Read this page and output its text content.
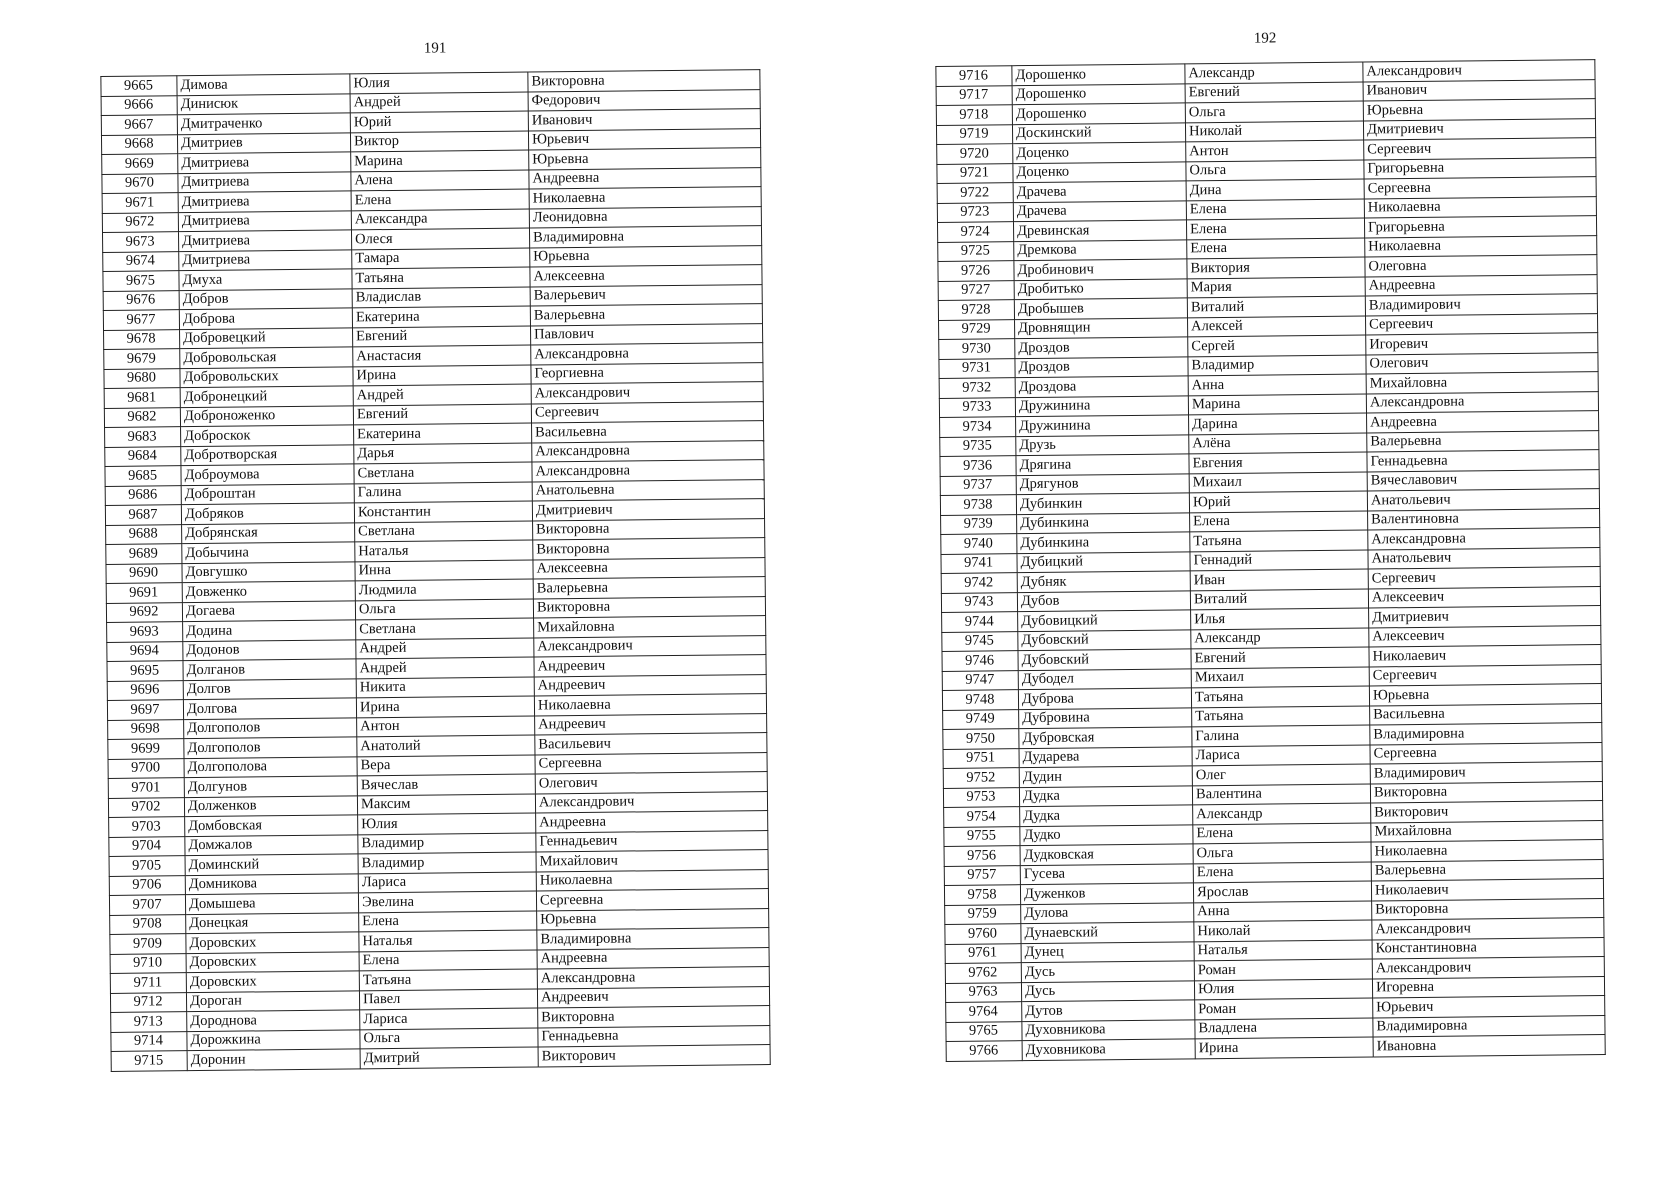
191
9665	Димова	Юлия	Викторовна
9666	Динисюк	Андрей	Федорович
9667	Дмитраченко	Юрий	Иванович
9668	Дмитриев	Виктор	Юрьевич
9669	Дмитриева	Марина	Юрьевна
9670	Дмитриева	Алена	Андреевна
9671	Дмитриева	Елена	Николаевна
9672	Дмитриева	Александра	Леонидовна
9673	Дмитриева	Олеся	Владимировна
9674	Дмитриева	Тамара	Юрьевна
9675	Дмуха	Татьяна	Алексеевна
9676	Добров	Владислав	Валерьевич
9677	Доброва	Екатерина	Валерьевна
9678	Добровецкий	Евгений	Павлович
9679	Добровольская	Анастасия	Александровна
9680	Добровольских	Ирина	Георгиевна
9681	Добронецкий	Андрей	Александрович
9682	Доброноженко	Евгений	Сергеевич
9683	Доброскок	Екатерина	Васильевна
9684	Добротворская	Дарья	Александровна
9685	Доброумова	Светлана	Александровна
9686	Доброштан	Галина	Анатольевна
9687	Добряков	Константин	Дмитриевич
9688	Добрянская	Светлана	Викторовна
9689	Добычина	Наталья	Викторовна
9690	Довгушко	Инна	Алексеевна
9691	Довженко	Людмила	Валерьевна
9692	Догаева	Ольга	Викторовна
9693	Додина	Светлана	Михайловна
9694	Додонов	Андрей	Александрович
9695	Долганов	Андрей	Андреевич
9696	Долгов	Никита	Андреевич
9697	Долгова	Ирина	Николаевна
9698	Долгополов	Антон	Андреевич
9699	Долгополов	Анатолий	Васильевич
9700	Долгополова	Вера	Сергеевна
9701	Долгунов	Вячеслав	Олегович
9702	Долженков	Максим	Александрович
9703	Домбовская	Юлия	Андреевна
9704	Домжалов	Владимир	Геннадьевич
9705	Доминский	Владимир	Михайлович
9706	Домникова	Лариса	Николаевна
9707	Домышева	Эвелина	Сергеевна
9708	Донецкая	Елена	Юрьевна
9709	Доровских	Наталья	Владимировна
9710	Доровских	Елена	Андреевна
9711	Доровских	Татьяна	Александровна
9712	Дороган	Павел	Андреевич
9713	Дороднова	Лариса	Викторовна
9714	Дорожкина	Ольга	Геннадьевна
9715	Доронин	Дмитрий	Викторович
192
9716	Дорошенко	Александр	Александрович
9717	Дорошенко	Евгений	Иванович
9718	Дорошенко	Ольга	Юрьевна
9719	Доскинский	Николай	Дмитриевич
9720	Доценко	Антон	Сергеевич
9721	Доценко	Ольга	Григорьевна
9722	Драчева	Дина	Сергеевна
9723	Драчева	Елена	Николаевна
9724	Древинская	Елена	Григорьевна
9725	Дремкова	Елена	Николаевна
9726	Дробинович	Виктория	Олеговна
9727	Дробитько	Мария	Андреевна
9728	Дробышев	Виталий	Владимирович
9729	Дровнящин	Алексей	Сергеевич
9730	Дроздов	Сергей	Игоревич
9731	Дроздов	Владимир	Олегович
9732	Дроздова	Анна	Михайловна
9733	Дружинина	Марина	Александровна
9734	Дружинина	Дарина	Андреевна
9735	Друзь	Алёна	Валерьевна
9736	Дрягина	Евгения	Геннадьевна
9737	Дрягунов	Михаил	Вячеславович
9738	Дубинкин	Юрий	Анатольевич
9739	Дубинкина	Елена	Валентиновна
9740	Дубинкина	Татьяна	Александровна
9741	Дубицкий	Геннадий	Анатольевич
9742	Дубняк	Иван	Сергеевич
9743	Дубов	Виталий	Алексеевич
9744	Дубовицкий	Илья	Дмитриевич
9745	Дубовский	Александр	Алексеевич
9746	Дубовский	Евгений	Николаевич
9747	Дубодел	Михаил	Сергеевич
9748	Дуброва	Татьяна	Юрьевна
9749	Дубровина	Татьяна	Васильевна
9750	Дубровская	Галина	Владимировна
9751	Дударева	Лариса	Сергеевна
9752	Дудин	Олег	Владимирович
9753	Дудка	Валентина	Викторовна
9754	Дудка	Александр	Викторович
9755	Дудко	Елена	Михайловна
9756	Дудковская	Ольга	Николаевна
9757	Гусева	Елена	Валерьевна
9758	Дуженков	Ярослав	Николаевич
9759	Дулова	Анна	Викторовна
9760	Дунаевский	Николай	Александрович
9761	Дунец	Наталья	Константиновна
9762	Дусь	Роман	Александрович
9763	Дусь	Юлия	Игоревна
9764	Дутов	Роман	Юрьевич
9765	Духовникова	Владлена	Владимировна
9766	Духовникова	Ирина	Ивановна
